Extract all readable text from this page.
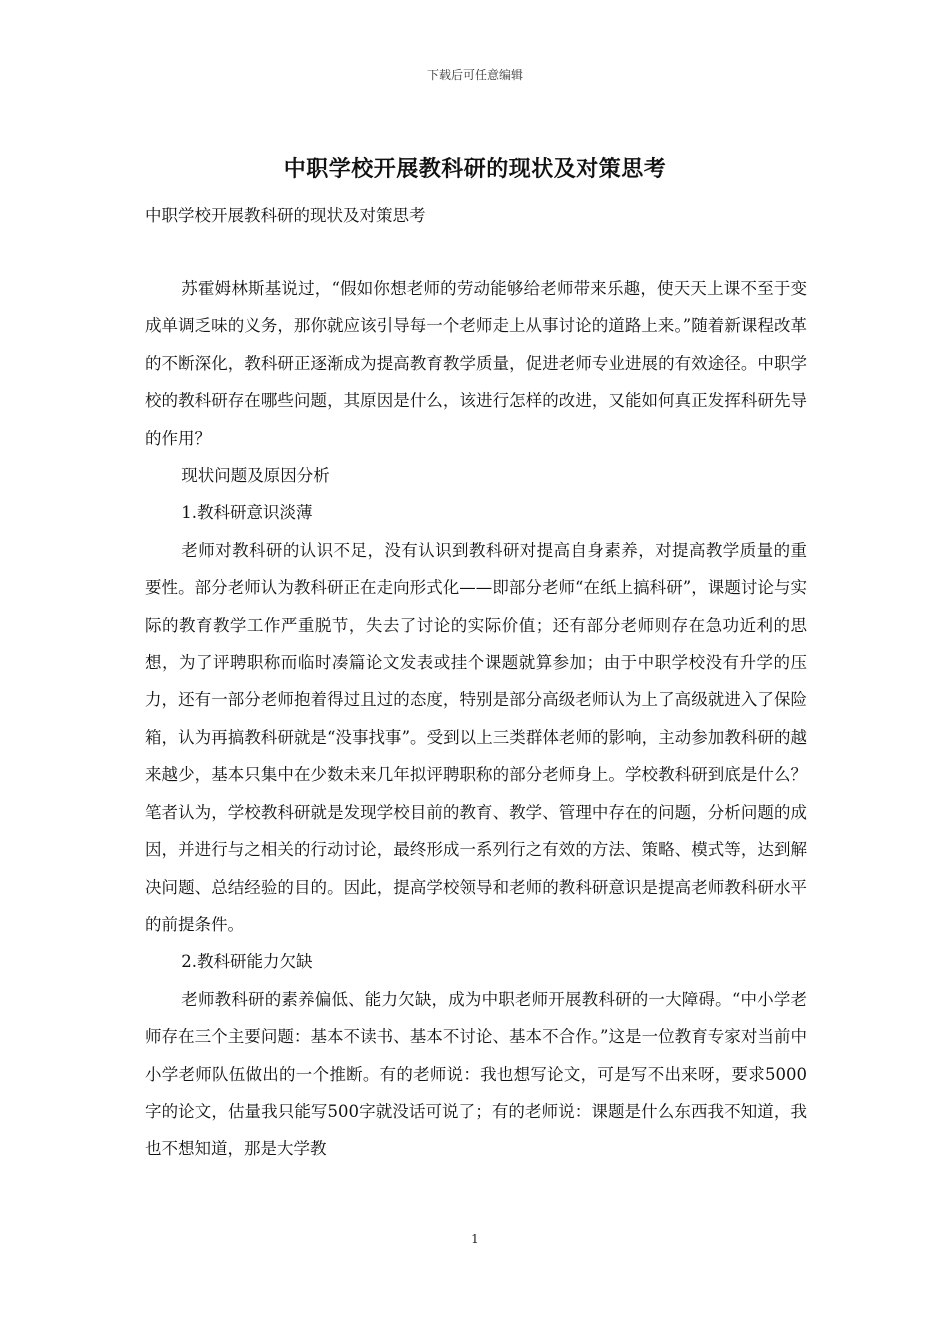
下载后可任意编辑
中职学校开展教科研的现状及对策思考
中职学校开展教科研的现状及对策思考

苏霍姆林斯基说过，“假如你想老师的劳动能够给老师带来乐趣，使天天上课不至于变成单调乏味的义务，那你就应该引导每一个老师走上从事讨论的道路上来。”随着新课程改革的不断深化，教科研正逐渐成为提高教育教学质量，促进老师专业进展的有效途径。中职学校的教科研存在哪些问题，其原因是什么，该进行怎样的改进，又能如何真正发挥科研先导的作用？

现状问题及原因分析

1.教科研意识淡薄

老师对教科研的认识不足，没有认识到教科研对提高自身素养，对提高教学质量的重要性。部分老师认为教科研正在走向形式化——即部分老师“在纸上搞科研”，课题讨论与实际的教育教学工作严重脱节，失去了讨论的实际价值；还有部分老师则存在急功近利的思想，为了评聘职称而临时凑篇论文发表或挂个课题就算参加；由于中职学校没有升学的压力，还有一部分老师抱着得过且过的态度，特别是部分高级老师认为上了高级就进入了保险箱，认为再搞教科研就是“没事找事”。受到以上三类群体老师的影响，主动参加教科研的越来越少，基本只集中在少数未来几年拟评聘职称的部分老师身上。学校教科研到底是什么？笔者认为，学校教科研就是发现学校目前的教育、教学、管理中存在的问题，分析问题的成因，并进行与之相关的行动讨论，最终形成一系列行之有效的方法、策略、模式等，达到解决问题、总结经验的目的。因此，提高学校领导和老师的教科研意识是提高老师教科研水平的前提条件。

2.教科研能力欠缺

老师教科研的素养偏低、能力欠缺，成为中职老师开展教科研的一大障碍。“中小学老师存在三个主要问题：基本不读书、基本不讨论、基本不合作。”这是一位教育专家对当前中小学老师队伍做出的一个推断。有的老师说：我也想写论文，可是写不出来呀，要求5000字的论文，估量我只能写500字就没话可说了；有的老师说：课题是什么东西我不知道，我也不想知道，那是大学教

1
